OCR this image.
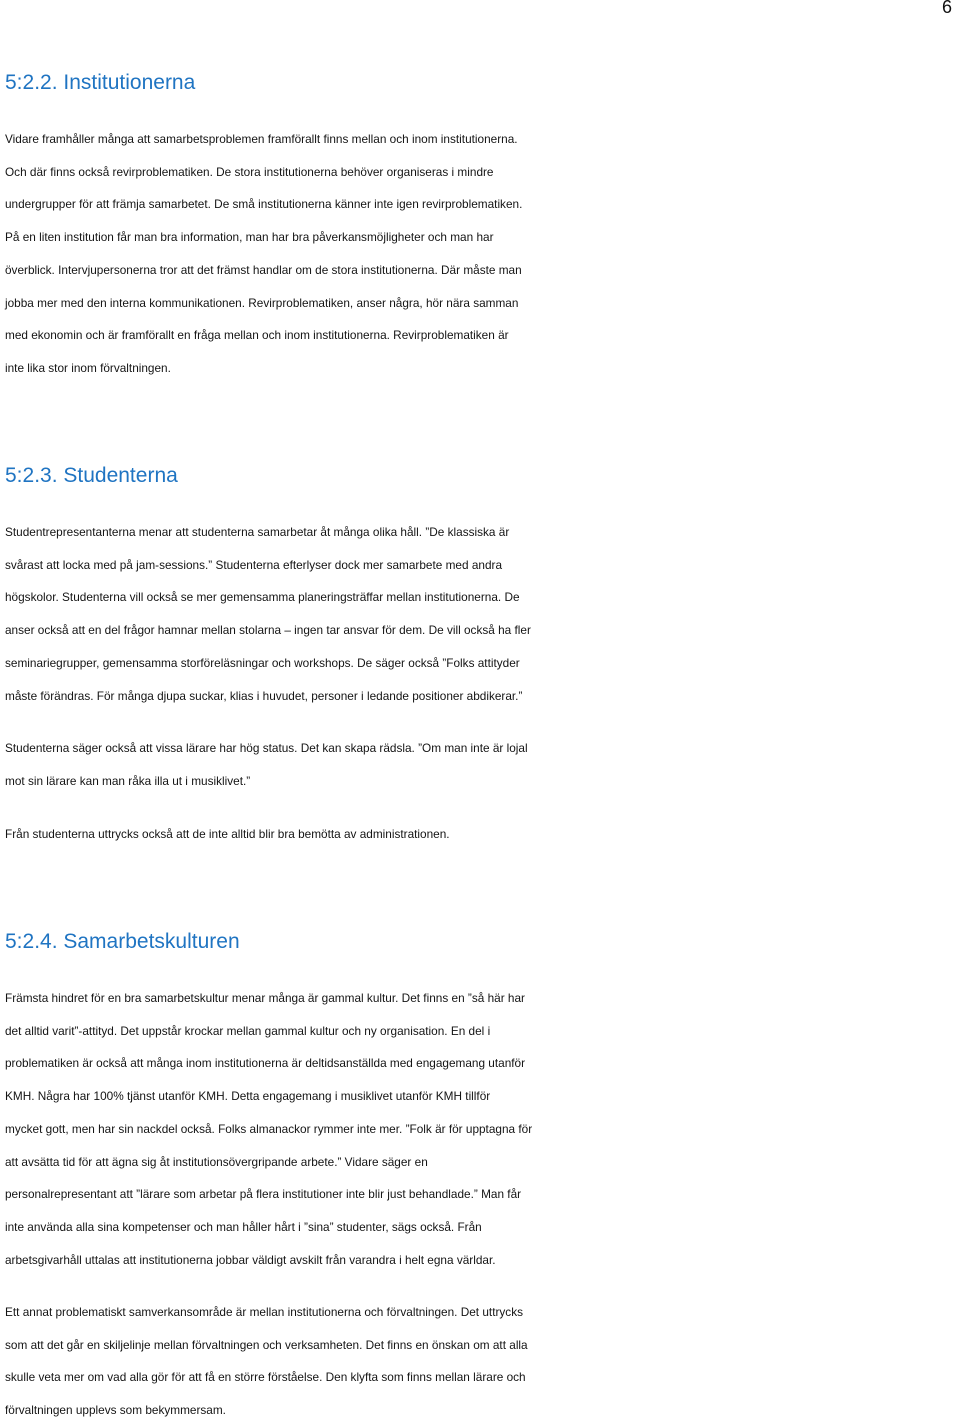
6
5:2.2. Institutionerna

Vidare framhåller många att samarbetsproblemen framförallt finns mellan och inom institutionerna.
Och där finns också revirproblematiken. De stora institutionerna behöver organiseras i mindre
undergrupper för att främja samarbetet. De små institutionerna känner inte igen revirproblematiken.
På en liten institution får man bra information, man har bra påverkansmöjligheter och man har
överblick. Intervjupersonerna tror att det främst handlar om de stora institutionerna. Där måste man
jobba mer med den interna kommunikationen. Revirproblematiken, anser några, hör nära samman
med ekonomin och är framförallt en fråga mellan och inom institutionerna. Revirproblematiken är
inte lika stor inom förvaltningen.

5:2.3. Studenterna

Studentrepresentanterna menar att studenterna samarbetar åt många olika håll. ”De klassiska är
svårast att locka med på jam-sessions.” Studenterna efterlyser dock mer samarbete med andra
högskolor. Studenterna vill också se mer gemensamma planeringsträffar mellan institutionerna. De
anser också att en del frågor hamnar mellan stolarna – ingen tar ansvar för dem. De vill också ha fler
seminariegrupper, gemensamma storföreläsningar och workshops. De säger också ”Folks attityder
måste förändras. För många djupa suckar, klias i huvudet, personer i ledande positioner abdikerar.”

Studenterna säger också att vissa lärare har hög status. Det kan skapa rädsla. ”Om man inte är lojal
mot sin lärare kan man råka illa ut i musiklivet.”

Från studenterna uttrycks också att de inte alltid blir bra bemötta av administrationen.

5:2.4. Samarbetskulturen

Främsta hindret för en bra samarbetskultur menar många är gammal kultur. Det finns en ”så här har
det alltid varit”-attityd. Det uppstår krockar mellan gammal kultur och ny organisation. En del i
problematiken är också att många inom institutionerna är deltidsanställda med engagemang utanför
KMH. Några har 100% tjänst utanför KMH. Detta engagemang i musiklivet utanför KMH tillför
mycket gott, men har sin nackdel också. Folks almanackor rymmer inte mer. ”Folk är för upptagna för
att avsätta tid för att ägna sig åt institutionsövergripande arbete.” Vidare säger en
personalrepresentant att ”lärare som arbetar på flera institutioner inte blir just behandlade.” Man får
inte använda alla sina kompetenser och man håller hårt i ”sina” studenter, sägs också. Från
arbetsgivarhåll uttalas att institutionerna jobbar väldigt avskilt från varandra i helt egna världar.

Ett annat problematiskt samverkansområde är mellan institutionerna och förvaltningen. Det uttrycks
som att det går en skiljelinje mellan förvaltningen och verksamheten. Det finns en önskan om att alla
skulle veta mer om vad alla gör för att få en större förståelse. Den klyfta som finns mellan lärare och
förvaltningen upplevs som bekymmersam.
